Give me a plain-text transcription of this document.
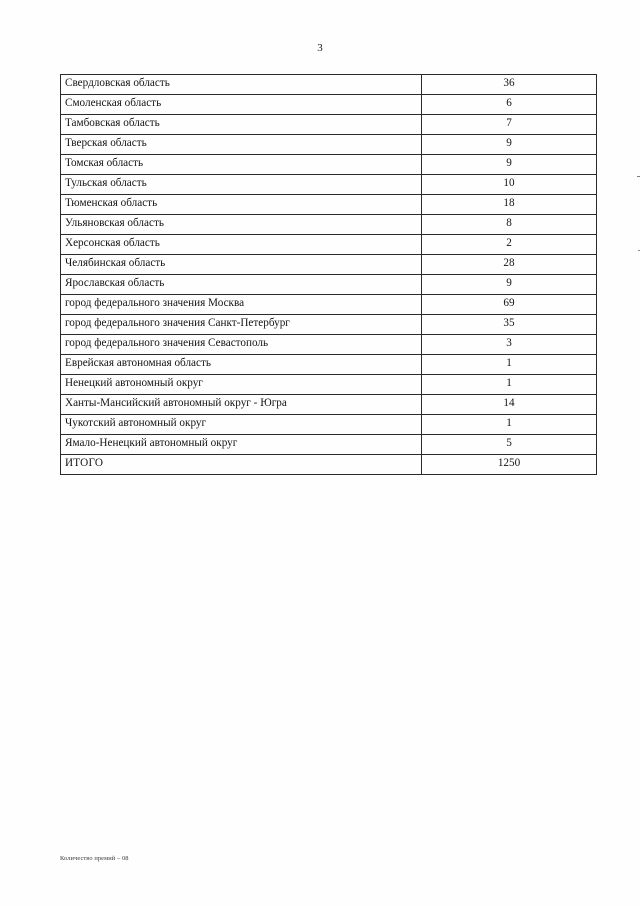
3
Свердловская область	36
Смоленская область	6
Тамбовская область	7
Тверская область	9
Томская область	9
Тульская область	10
Тюменская область	18
Ульяновская область	8
Херсонская область	2
Челябинская область	28
Ярославская область	9
город федерального значения Москва	69
город федерального значения Санкт-Петербург	35
город федерального значения Севастополь	3
Еврейская автономная область	1
Ненецкий автономный округ	1
Ханты-Мансийский автономный округ - Югра	14
Чукотский автономный округ	1
Ямало-Ненецкий автономный округ	5
ИТОГО	1250
Количество премий – 08
